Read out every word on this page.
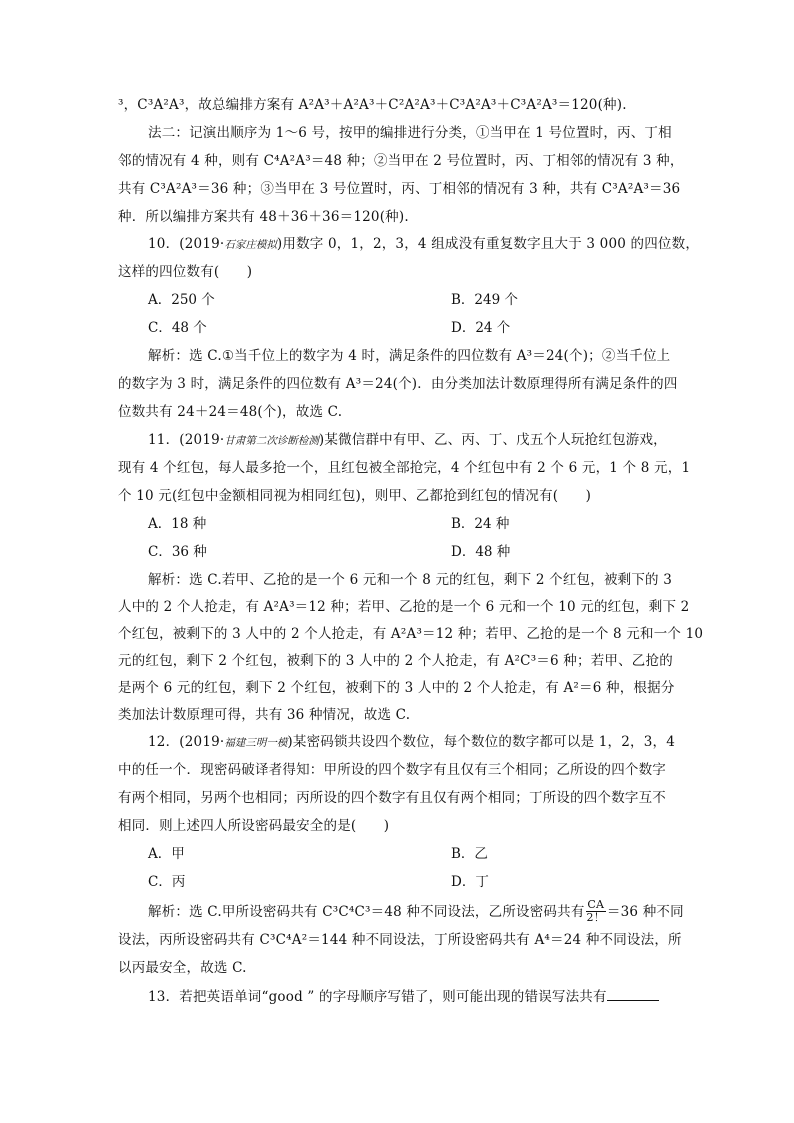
³，C³A²A³，故总编排方案有 A²A³＋A²A³＋C²A²A³＋C³A²A³＋C³A²A³＝120(种).
法二：记演出顺序为 1～6 号，按甲的编排进行分类，①当甲在 1 号位置时，丙、丁相
邻的情况有 4 种，则有 C⁴A²A³＝48 种；②当甲在 2 号位置时，丙、丁相邻的情况有 3 种，
共有 C³A²A³＝36 种；③当甲在 3 号位置时，丙、丁相邻的情况有 3 种，共有 C³A²A³＝36
种．所以编排方案共有 48＋36＋36＝120(种).
10．(2019·石家庄模拟)用数字 0，1，2，3，4 组成没有重复数字且大于 3 000 的四位数，
这样的四位数有(　　)
A．250 个	B．249 个
C．48 个	D．24 个
解析：选 C.①当千位上的数字为 4 时，满足条件的四位数有 A³＝24(个)；②当千位上
的数字为 3 时，满足条件的四位数有 A³＝24(个)．由分类加法计数原理得所有满足条件的四
位数共有 24＋24＝48(个)，故选 C.
11．(2019·甘肃第二次诊断检测)某微信群中有甲、乙、丙、丁、戊五个人玩抢红包游戏，
现有 4 个红包，每人最多抢一个，且红包被全部抢完，4 个红包中有 2 个 6 元，1 个 8 元，1
个 10 元(红包中金额相同视为相同红包)，则甲、乙都抢到红包的情况有(　　)
A．18 种	B．24 种
C．36 种	D．48 种
解析：选 C.若甲、乙抢的是一个 6 元和一个 8 元的红包，剩下 2 个红包，被剩下的 3
人中的 2 个人抢走，有 A²A³＝12 种；若甲、乙抢的是一个 6 元和一个 10 元的红包，剩下 2
个红包，被剩下的 3 人中的 2 个人抢走，有 A²A³＝12 种；若甲、乙抢的是一个 8 元和一个 10
元的红包，剩下 2 个红包，被剩下的 3 人中的 2 个人抢走，有 A²C³＝6 种；若甲、乙抢的
是两个 6 元的红包，剩下 2 个红包，被剩下的 3 人中的 2 个人抢走，有 A²＝6 种，根据分
类加法计数原理可得，共有 36 种情况，故选 C.
12．(2019·福建三明一模)某密码锁共设四个数位，每个数位的数字都可以是 1，2，3，4
中的任一个．现密码破译者得知：甲所设的四个数字有且仅有三个相同；乙所设的四个数字
有两个相同，另两个也相同；丙所设的四个数字有且仅有两个相同；丁所设的四个数字互不
相同．则上述四人所设密码最安全的是(　　)
A．甲	B．乙
C．丙	D．丁
解析：选 C.甲所设密码共有 C³C⁴C³＝48 种不同设法，乙所设密码共有 $\frac{CA}{2!} =36$ 种不同
设法，丙所设密码共有 C³C⁴A²＝144 种不同设法，丁所设密码共有 A⁴＝24 种不同设法，所
以丙最安全，故选 C.
13．若把英语单词“good ” 的字母顺序写错了，则可能出现的错误写法共有
